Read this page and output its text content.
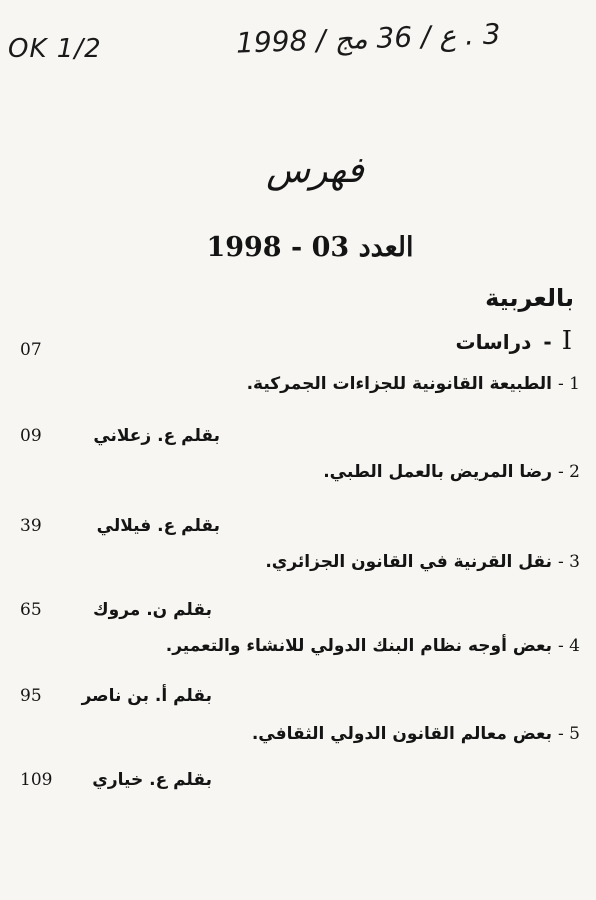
OK 1/2	3 . ع / 36 مج / 1998
فهرس
العدد 03 - 1998
بالعربية
I-دراسات
07
1 -الطبيعة القانونية للجزاءات الجمركية.
بقلم ع. زعلاني
09
2 -رضا المريض بالعمل الطبي.
بقلم ع. فيلالي
39
3 -نقل القرنية في القانون الجزائري.
بقلم ن. مروك
65
4 -بعض أوجه نظام البنك الدولي للانشاء والتعمير.
بقلم أ. بن ناصر
95
5 -بعض معالم القانون الدولي الثقافي.
بقلم ع. خياري
109
